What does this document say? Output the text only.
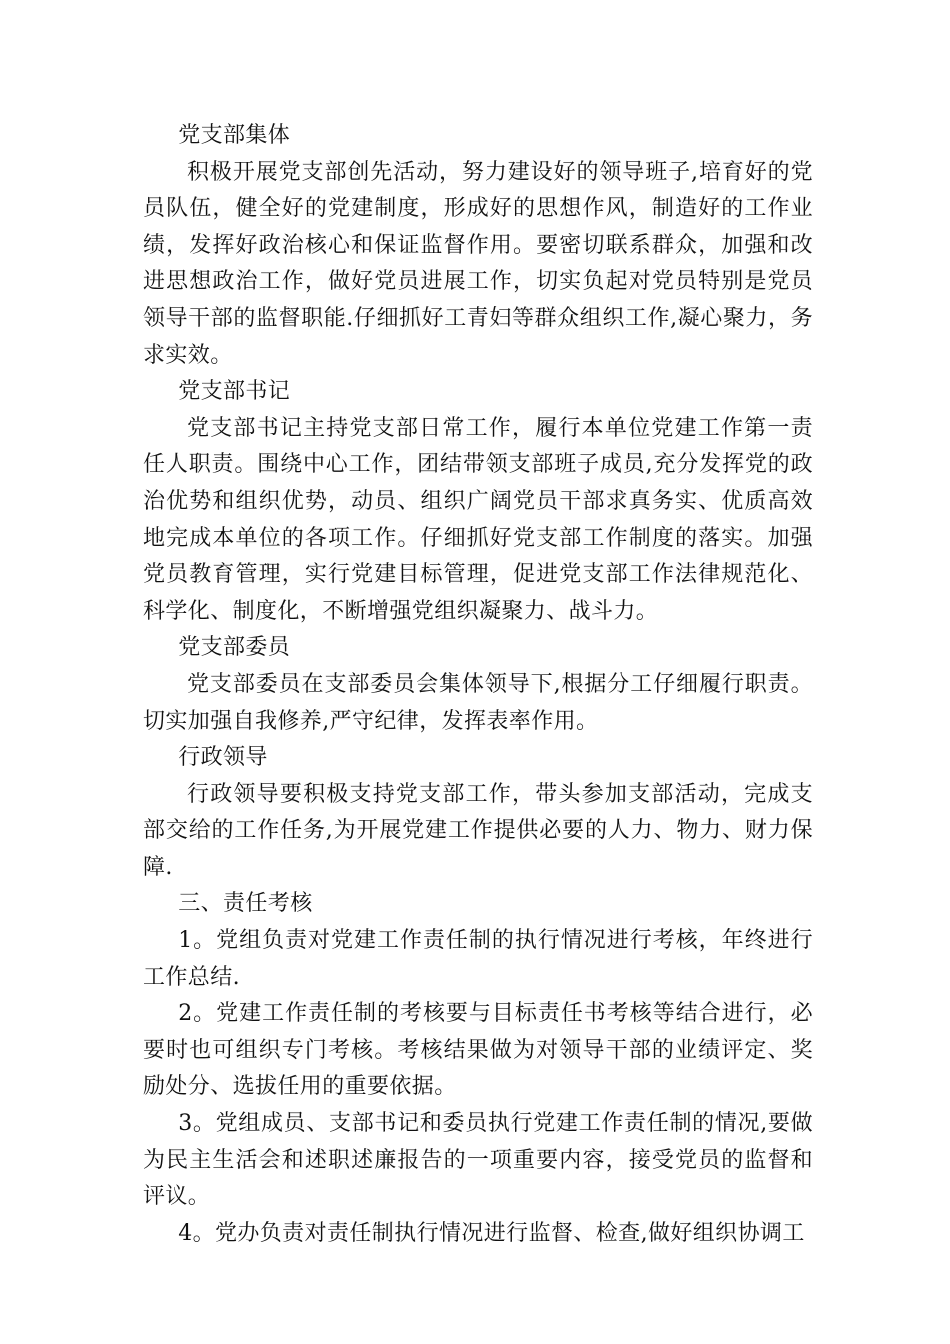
党支部集体

积极开展党支部创先活动，努力建设好的领导班子,培育好的党员队伍，健全好的党建制度，形成好的思想作风，制造好的工作业绩，发挥好政治核心和保证监督作用。要密切联系群众，加强和改进思想政治工作，做好党员进展工作，切实负起对党员特别是党员领导干部的监督职能.仔细抓好工青妇等群众组织工作,凝心聚力，务求实效。

党支部书记

党支部书记主持党支部日常工作，履行本单位党建工作第一责任人职责。围绕中心工作，团结带领支部班子成员,充分发挥党的政治优势和组织优势，动员、组织广阔党员干部求真务实、优质高效地完成本单位的各项工作。仔细抓好党支部工作制度的落实。加强党员教育管理，实行党建目标管理，促进党支部工作法律规范化、科学化、制度化，不断增强党组织凝聚力、战斗力。

党支部委员

党支部委员在支部委员会集体领导下,根据分工仔细履行职责。切实加强自我修养,严守纪律，发挥表率作用。

行政领导

行政领导要积极支持党支部工作，带头参加支部活动，完成支部交给的工作任务,为开展党建工作提供必要的人力、物力、财力保障.

三、责任考核

1。党组负责对党建工作责任制的执行情况进行考核，年终进行工作总结.

2。党建工作责任制的考核要与目标责任书考核等结合进行，必要时也可组织专门考核。考核结果做为对领导干部的业绩评定、奖励处分、选拔任用的重要依据。

3。党组成员、支部书记和委员执行党建工作责任制的情况,要做为民主生活会和述职述廉报告的一项重要内容，接受党员的监督和评议。

4。党办负责对责任制执行情况进行监督、检查,做好组织协调工
